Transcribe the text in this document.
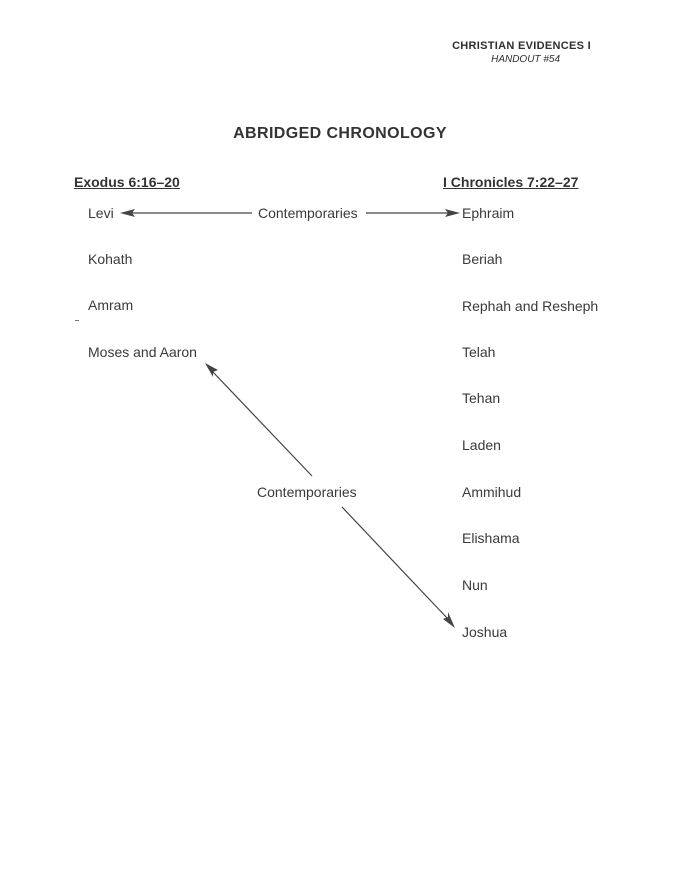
CHRISTIAN EVIDENCES I
HANDOUT #54
ABRIDGED CHRONOLOGY
Exodus 6:16–20	I Chronicles 7:22–27
Levi
Kohath
Amram
Moses and Aaron
Ephraim
Beriah
Rephah and Resheph
Telah
Tehan
Laden
Ammihud
Elishama
Nun
Joshua
Contemporaries
Contemporaries
